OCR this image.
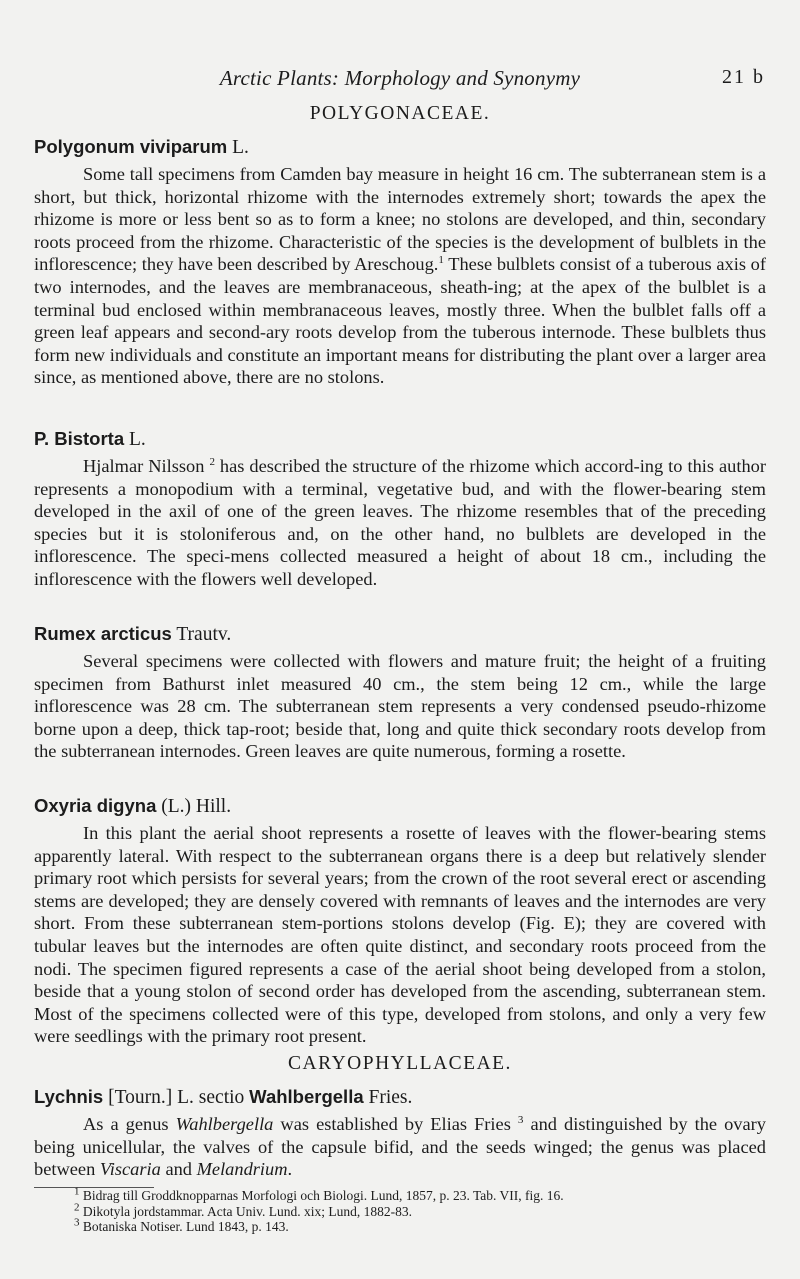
Arctic Plants: Morphology and Synonymy	21 b
POLYGONACEAE.
Polygonum viviparum L.

Some tall specimens from Camden bay measure in height 16 cm. The subterranean stem is a short, but thick, horizontal rhizome with the internodes extremely short; towards the apex the rhizome is more or less bent so as to form a knee; no stolons are developed, and thin, secondary roots proceed from the rhizome. Characteristic of the species is the development of bulblets in the inflorescence; they have been described by Areschoug.$^1$ These bulblets consist of a tuberous axis of two internodes, and the leaves are membranaceous, sheath-ing; at the apex of the bulblet is a terminal bud enclosed within membranaceous leaves, mostly three. When the bulblet falls off a green leaf appears and second-ary roots develop from the tuberous internode. These bulblets thus form new individuals and constitute an important means for distributing the plant over a larger area since, as mentioned above, there are no stolons.

P. Bistorta L.

Hjalmar Nilsson $^2$ has described the structure of the rhizome which accord-ing to this author represents a monopodium with a terminal, vegetative bud, and with the flower-bearing stem developed in the axil of one of the green leaves. The rhizome resembles that of the preceding species but it is stoloniferous and, on the other hand, no bulblets are developed in the inflorescence. The speci-mens collected measured a height of about 18 cm., including the inflorescence with the flowers well developed.

Rumex arcticus Trautv.

Several specimens were collected with flowers and mature fruit; the height of a fruiting specimen from Bathurst inlet measured 40 cm., the stem being 12 cm., while the large inflorescence was 28 cm. The subterranean stem represents a very condensed pseudo-rhizome borne upon a deep, thick tap-root; beside that, long and quite thick secondary roots develop from the subterranean internodes. Green leaves are quite numerous, forming a rosette.

Oxyria digyna (L.) Hill.

In this plant the aerial shoot represents a rosette of leaves with the flower-bearing stems apparently lateral. With respect to the subterranean organs there is a deep but relatively slender primary root which persists for several years; from the crown of the root several erect or ascending stems are developed; they are densely covered with remnants of leaves and the internodes are very short. From these subterranean stem-portions stolons develop (Fig. E); they are covered with tubular leaves but the internodes are often quite distinct, and secondary roots proceed from the nodi. The specimen figured represents a case of the aerial shoot being developed from a stolon, beside that a young stolon of second order has developed from the ascending, subterranean stem. Most of the specimens collected were of this type, developed from stolons, and only a very few were seedlings with the primary root present.

CARYOPHYLLACEAE.
Lychnis [Tourn.] L. sectio Wahlbergella Fries.

As a genus Wahlbergella was established by Elias Fries $^3$ and distinguished by the ovary being unicellular, the valves of the capsule bifid, and the seeds winged; the genus was placed between Viscaria and Melandrium.

$^1$ Bidrag till Groddknopparnas Morfologi och Biologi. Lund, 1857, p. 23. Tab. VII, fig. 16.
$^2$ Dikotyla jordstammar. Acta Univ. Lund. xix; Lund, 1882-83.
$^3$ Botaniska Notiser. Lund 1843, p. 143.
